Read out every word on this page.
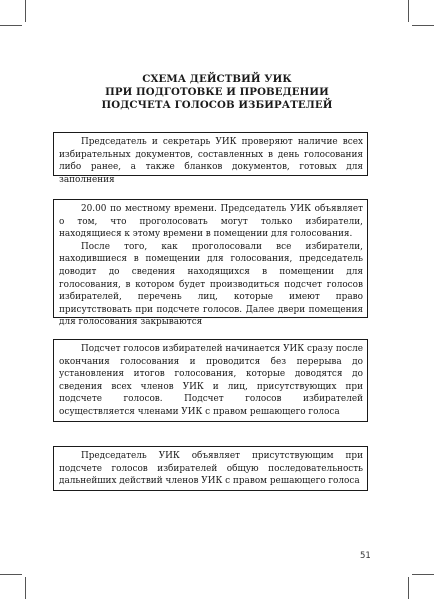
СХЕМА ДЕЙСТВИЙ УИК
ПРИ ПОДГОТОВКЕ И ПРОВЕДЕНИИ
ПОДСЧЕТА ГОЛОСОВ ИЗБИРАТЕЛЕЙ

Председатель и секретарь УИК проверяют наличие всех избирательных документов, составленных в день голосования либо ранее, а также бланков документов, готовых для заполнения

20.00 по местному времени. Председатель УИК объявляет о том, что проголосовать могут только избиратели, находящиеся к этому времени в помещении для голосования.

После того, как проголосовали все избиратели, находившиеся в помещении для голосования, председатель доводит до сведения находящихся в помещении для голосования, в котором будет производиться подсчет голосов избирателей, перечень лиц, которые имеют право присутствовать при подсчете голосов. Далее двери помещения для голосования закрываются

Подсчет голосов избирателей начинается УИК сразу после окончания голосования и проводится без перерыва до установления итогов голосования, которые доводятся до сведения всех членов УИК и лиц, присутствующих при подсчете голосов. Подсчет голосов избирателей осуществляется членами УИК с правом решающего голоса

Председатель УИК объявляет присутствующим при подсчете голосов избирателей общую последовательность дальнейших действий членов УИК с правом решающего голоса

51
